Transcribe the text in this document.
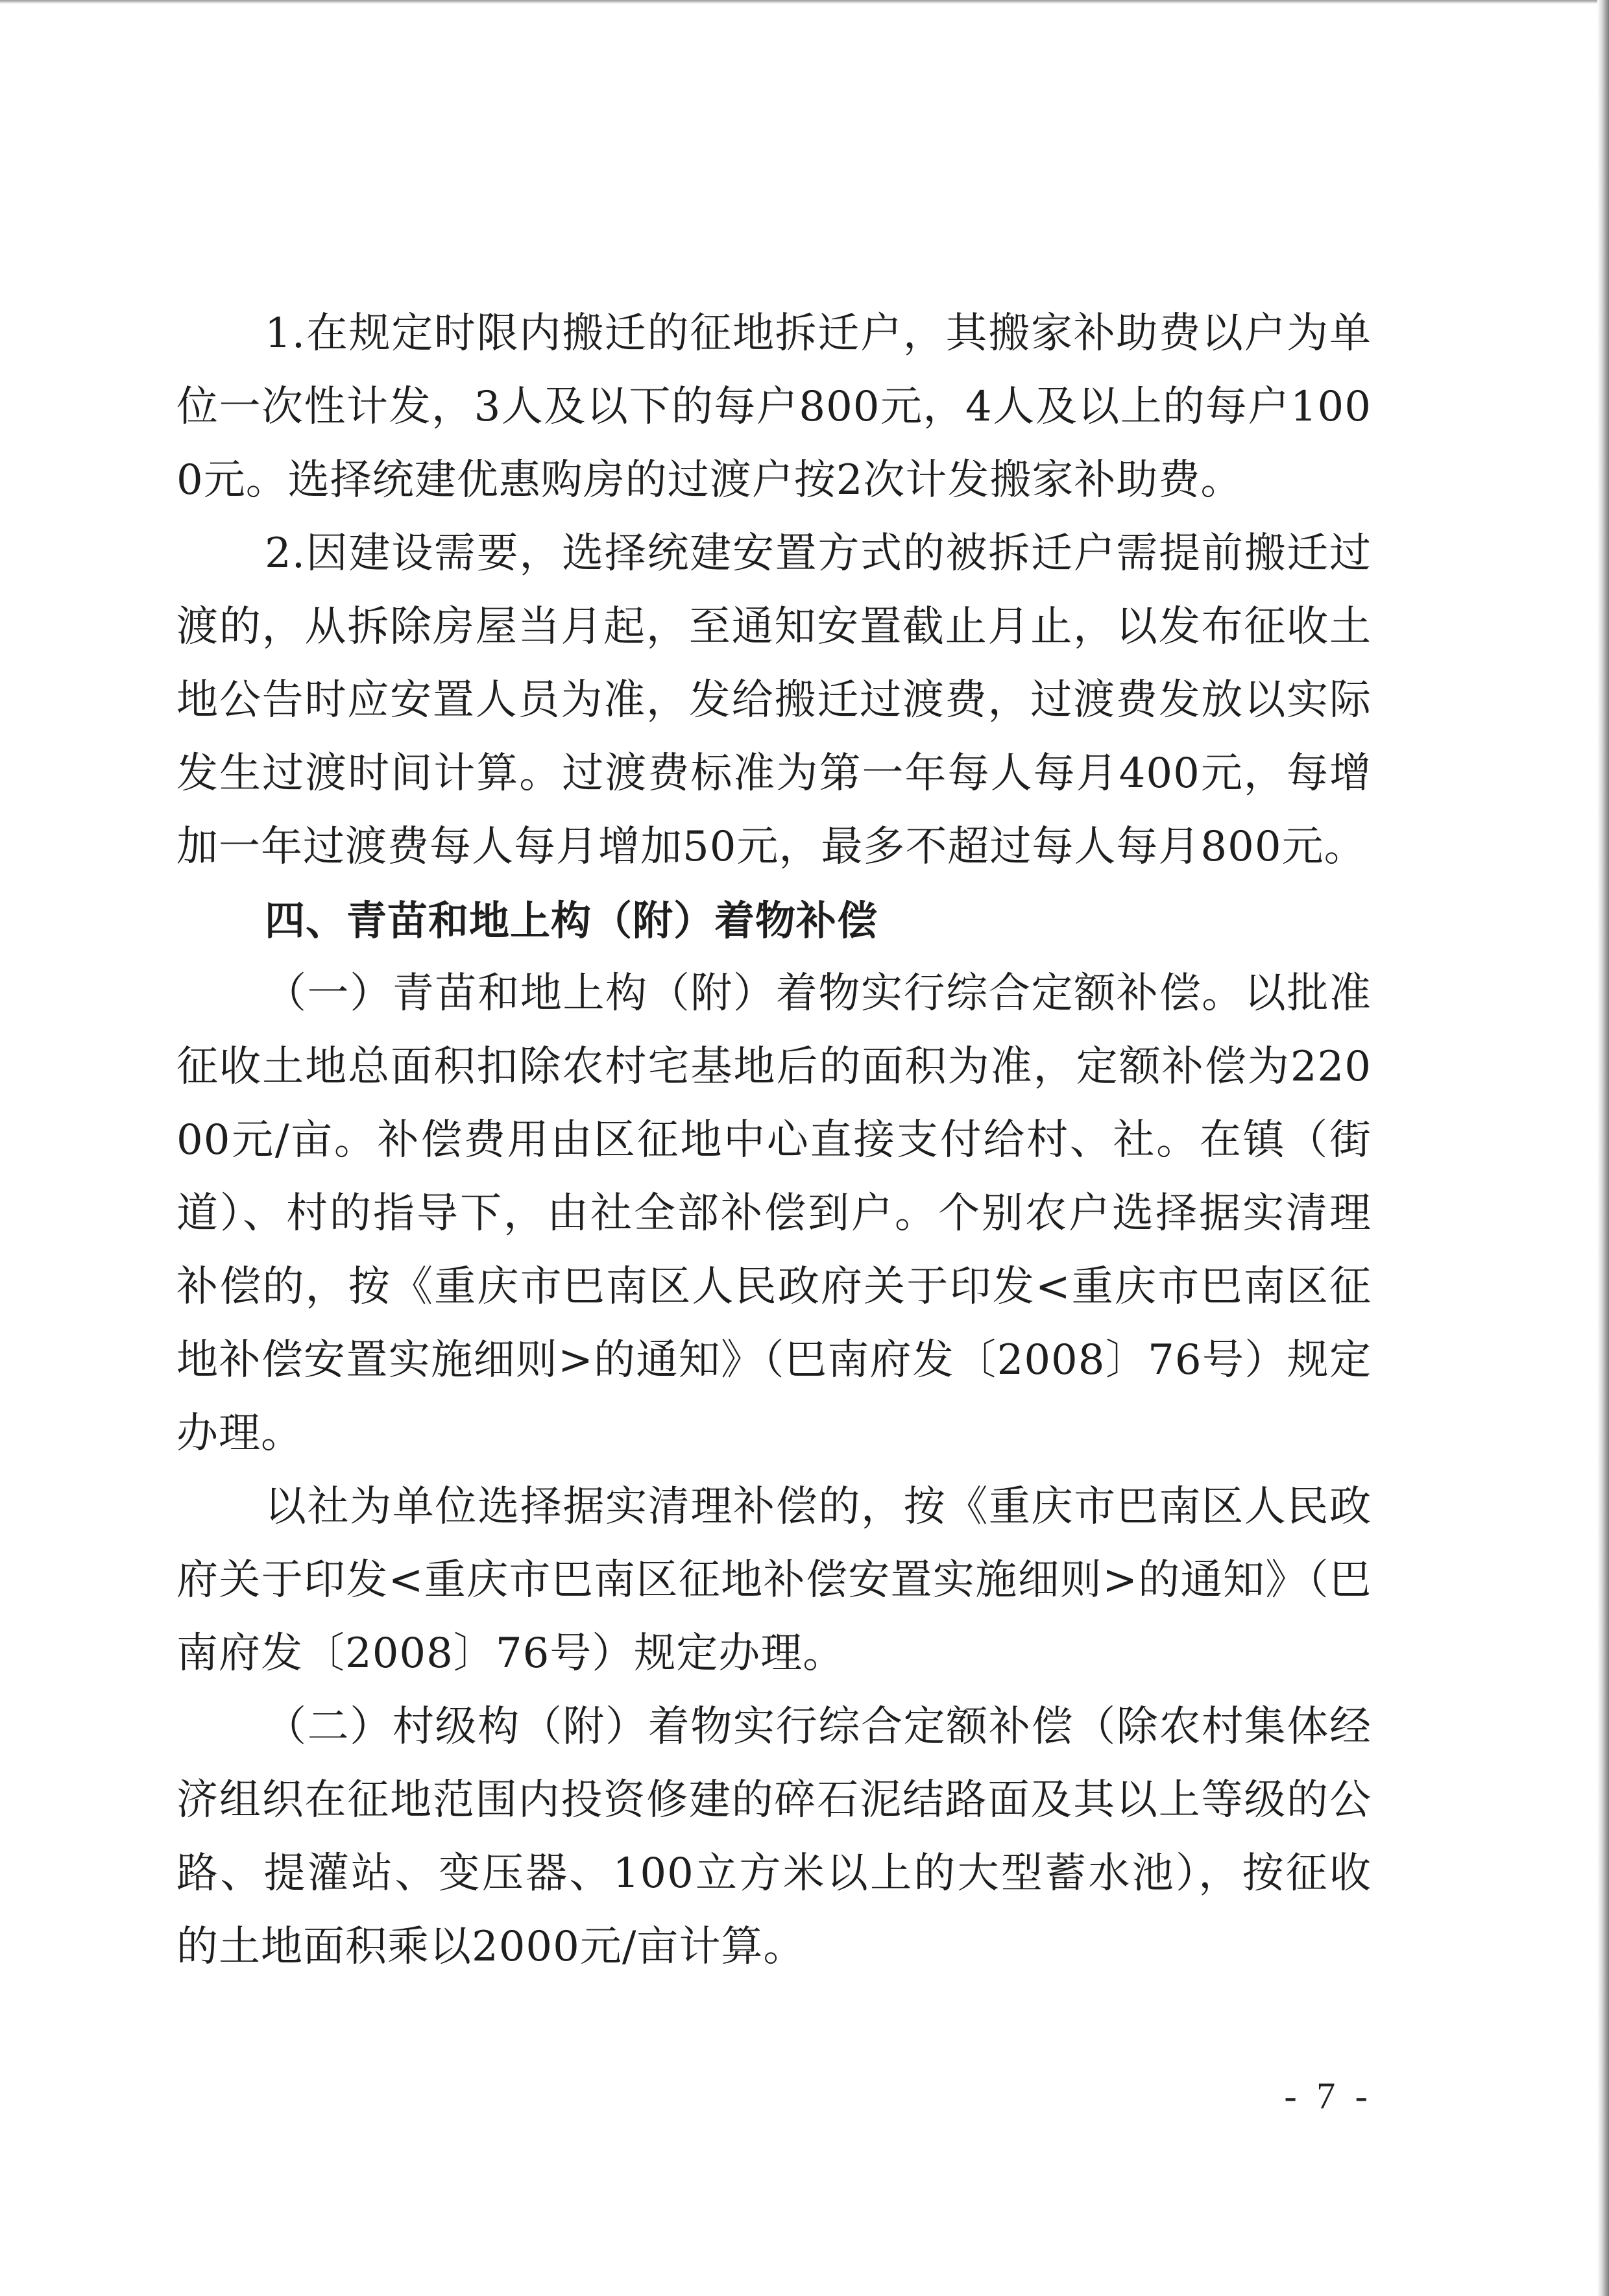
1.在规定时限内搬迁的征地拆迁户，其搬家补助费以户为单位一次性计发，3人及以下的每户800元，4人及以上的每户1000元。选择统建优惠购房的过渡户按2次计发搬家补助费。

2.因建设需要，选择统建安置方式的被拆迁户需提前搬迁过渡的，从拆除房屋当月起，至通知安置截止月止，以发布征收土地公告时应安置人员为准，发给搬迁过渡费，过渡费发放以实际发生过渡时间计算。过渡费标准为第一年每人每月400元，每增加一年过渡费每人每月增加50元，最多不超过每人每月800元。

四、青苗和地上构（附）着物补偿

（一）青苗和地上构（附）着物实行综合定额补偿。以批准征收土地总面积扣除农村宅基地后的面积为准，定额补偿为22000元/亩。补偿费用由区征地中心直接支付给村、社。在镇（街道）、村的指导下，由社全部补偿到户。个别农户选择据实清理补偿的，按《重庆市巴南区人民政府关于印发<重庆市巴南区征地补偿安置实施细则>的通知》（巴南府发〔2008〕76号）规定办理。

以社为单位选择据实清理补偿的，按《重庆市巴南区人民政府关于印发<重庆市巴南区征地补偿安置实施细则>的通知》（巴南府发〔2008〕76号）规定办理。

（二）村级构（附）着物实行综合定额补偿（除农村集体经济组织在征地范围内投资修建的碎石泥结路面及其以上等级的公路、提灌站、变压器、100立方米以上的大型蓄水池），按征收的土地面积乘以2000元/亩计算。

- 7 -
